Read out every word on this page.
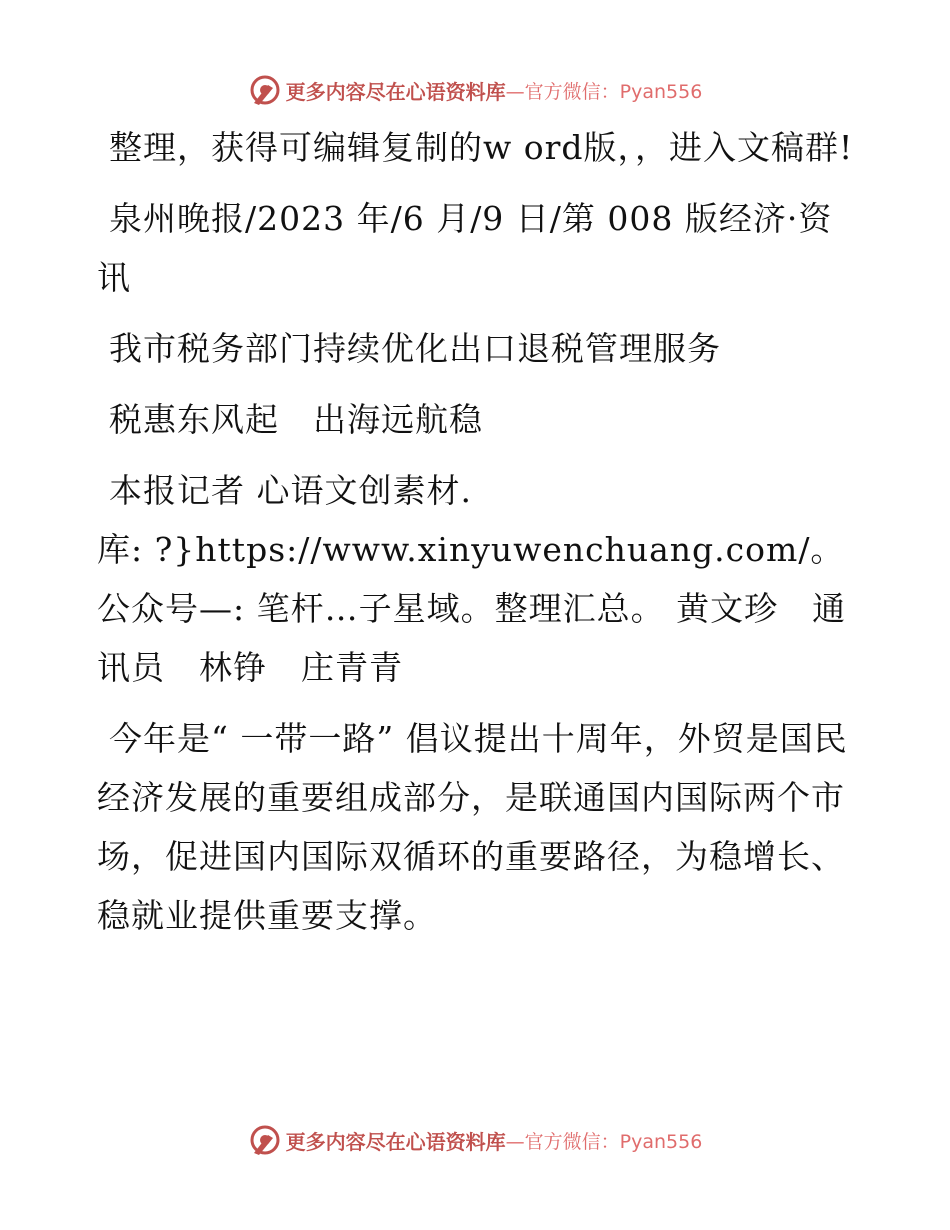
更多内容尽在心语资料库 —官方微信：Pyan556

整理，获得可编辑复制的w ord版，，进入文稿群!

泉州晚报/2023 年/6 月/9 日/第 008 版经济·资讯

我市税务部门持续优化出口退税管理服务

税惠东风起　出海远航稳

本报记者 心语文创素材.

库: ?}https://www.xinyuwenchuang.com/。公众号—: 笔杆…子星域。整理汇总。 黄文珍　通讯员　林铮　庄青青

今年是“ 一带一路” 倡议提出十周年，外贸是国民经济发展的重要组成部分，是联通国内国际两个市场，促进国内国际双循环的重要路径，为稳增长、稳就业提供重要支撑。

更多内容尽在心语资料库 —官方微信：Pyan556
